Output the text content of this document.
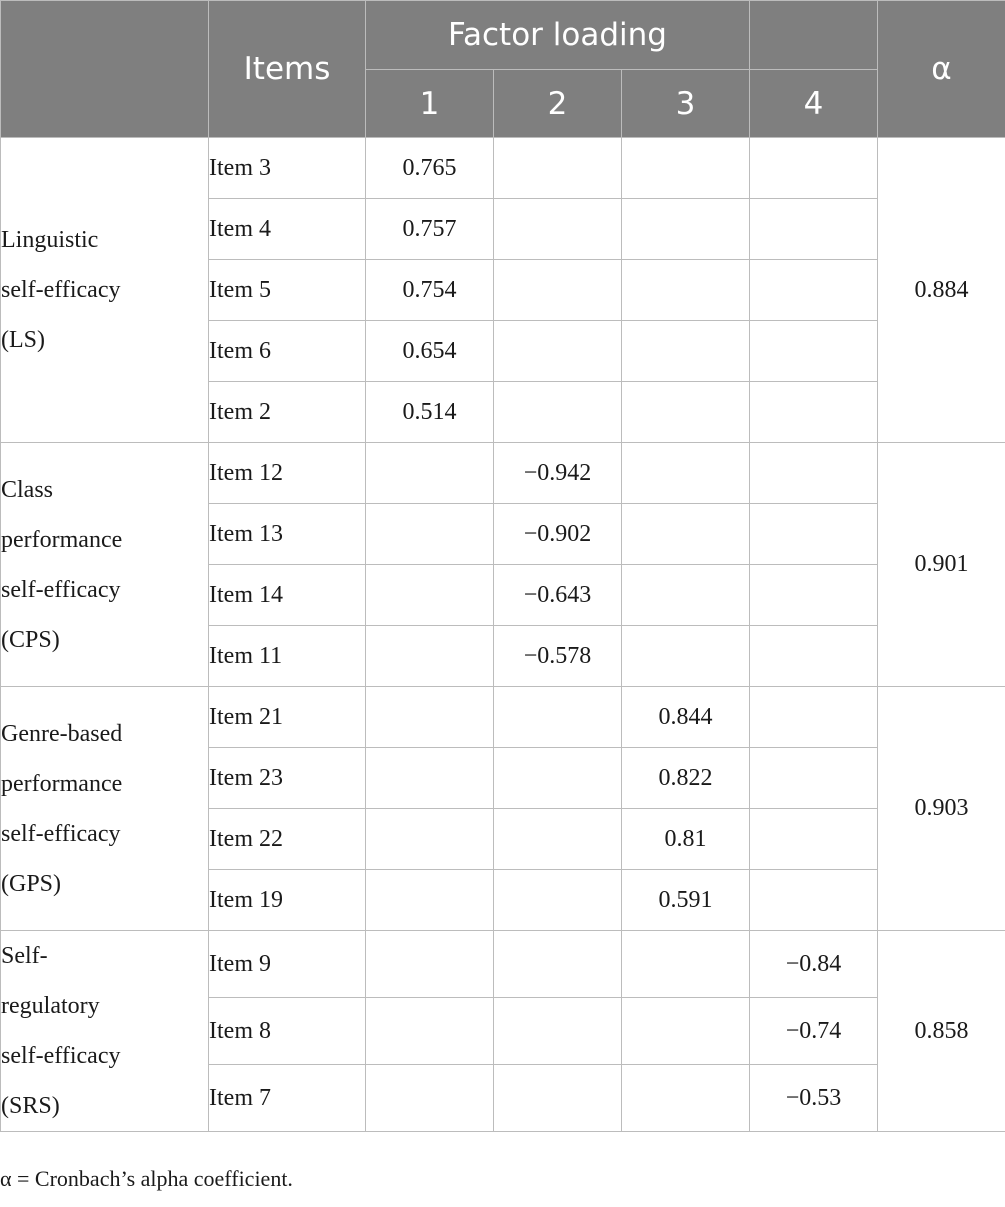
	Items	Factor loading				α
		1	2	3	4	

Linguistic
self-efficacy
(LS)	Item 3	0.765				0.884
	Item 4	0.757				
	Item 5	0.754				
	Item 6	0.654				
	Item 2	0.514				

Class
performance
self-efficacy
(CPS)	Item 12		−0.942			0.901
	Item 13		−0.902			
	Item 14		−0.643			
	Item 11		−0.578			

Genre-based
performance
self-efficacy
(GPS)	Item 21			0.844		0.903
	Item 23			0.822		
	Item 22			0.81		
	Item 19			0.591		

Self-
regulatory
self-efficacy
(SRS)	Item 9				−0.84	0.858
	Item 8				−0.74	
	Item 7				−0.53	
α = Cronbach’s alpha coefficient.
